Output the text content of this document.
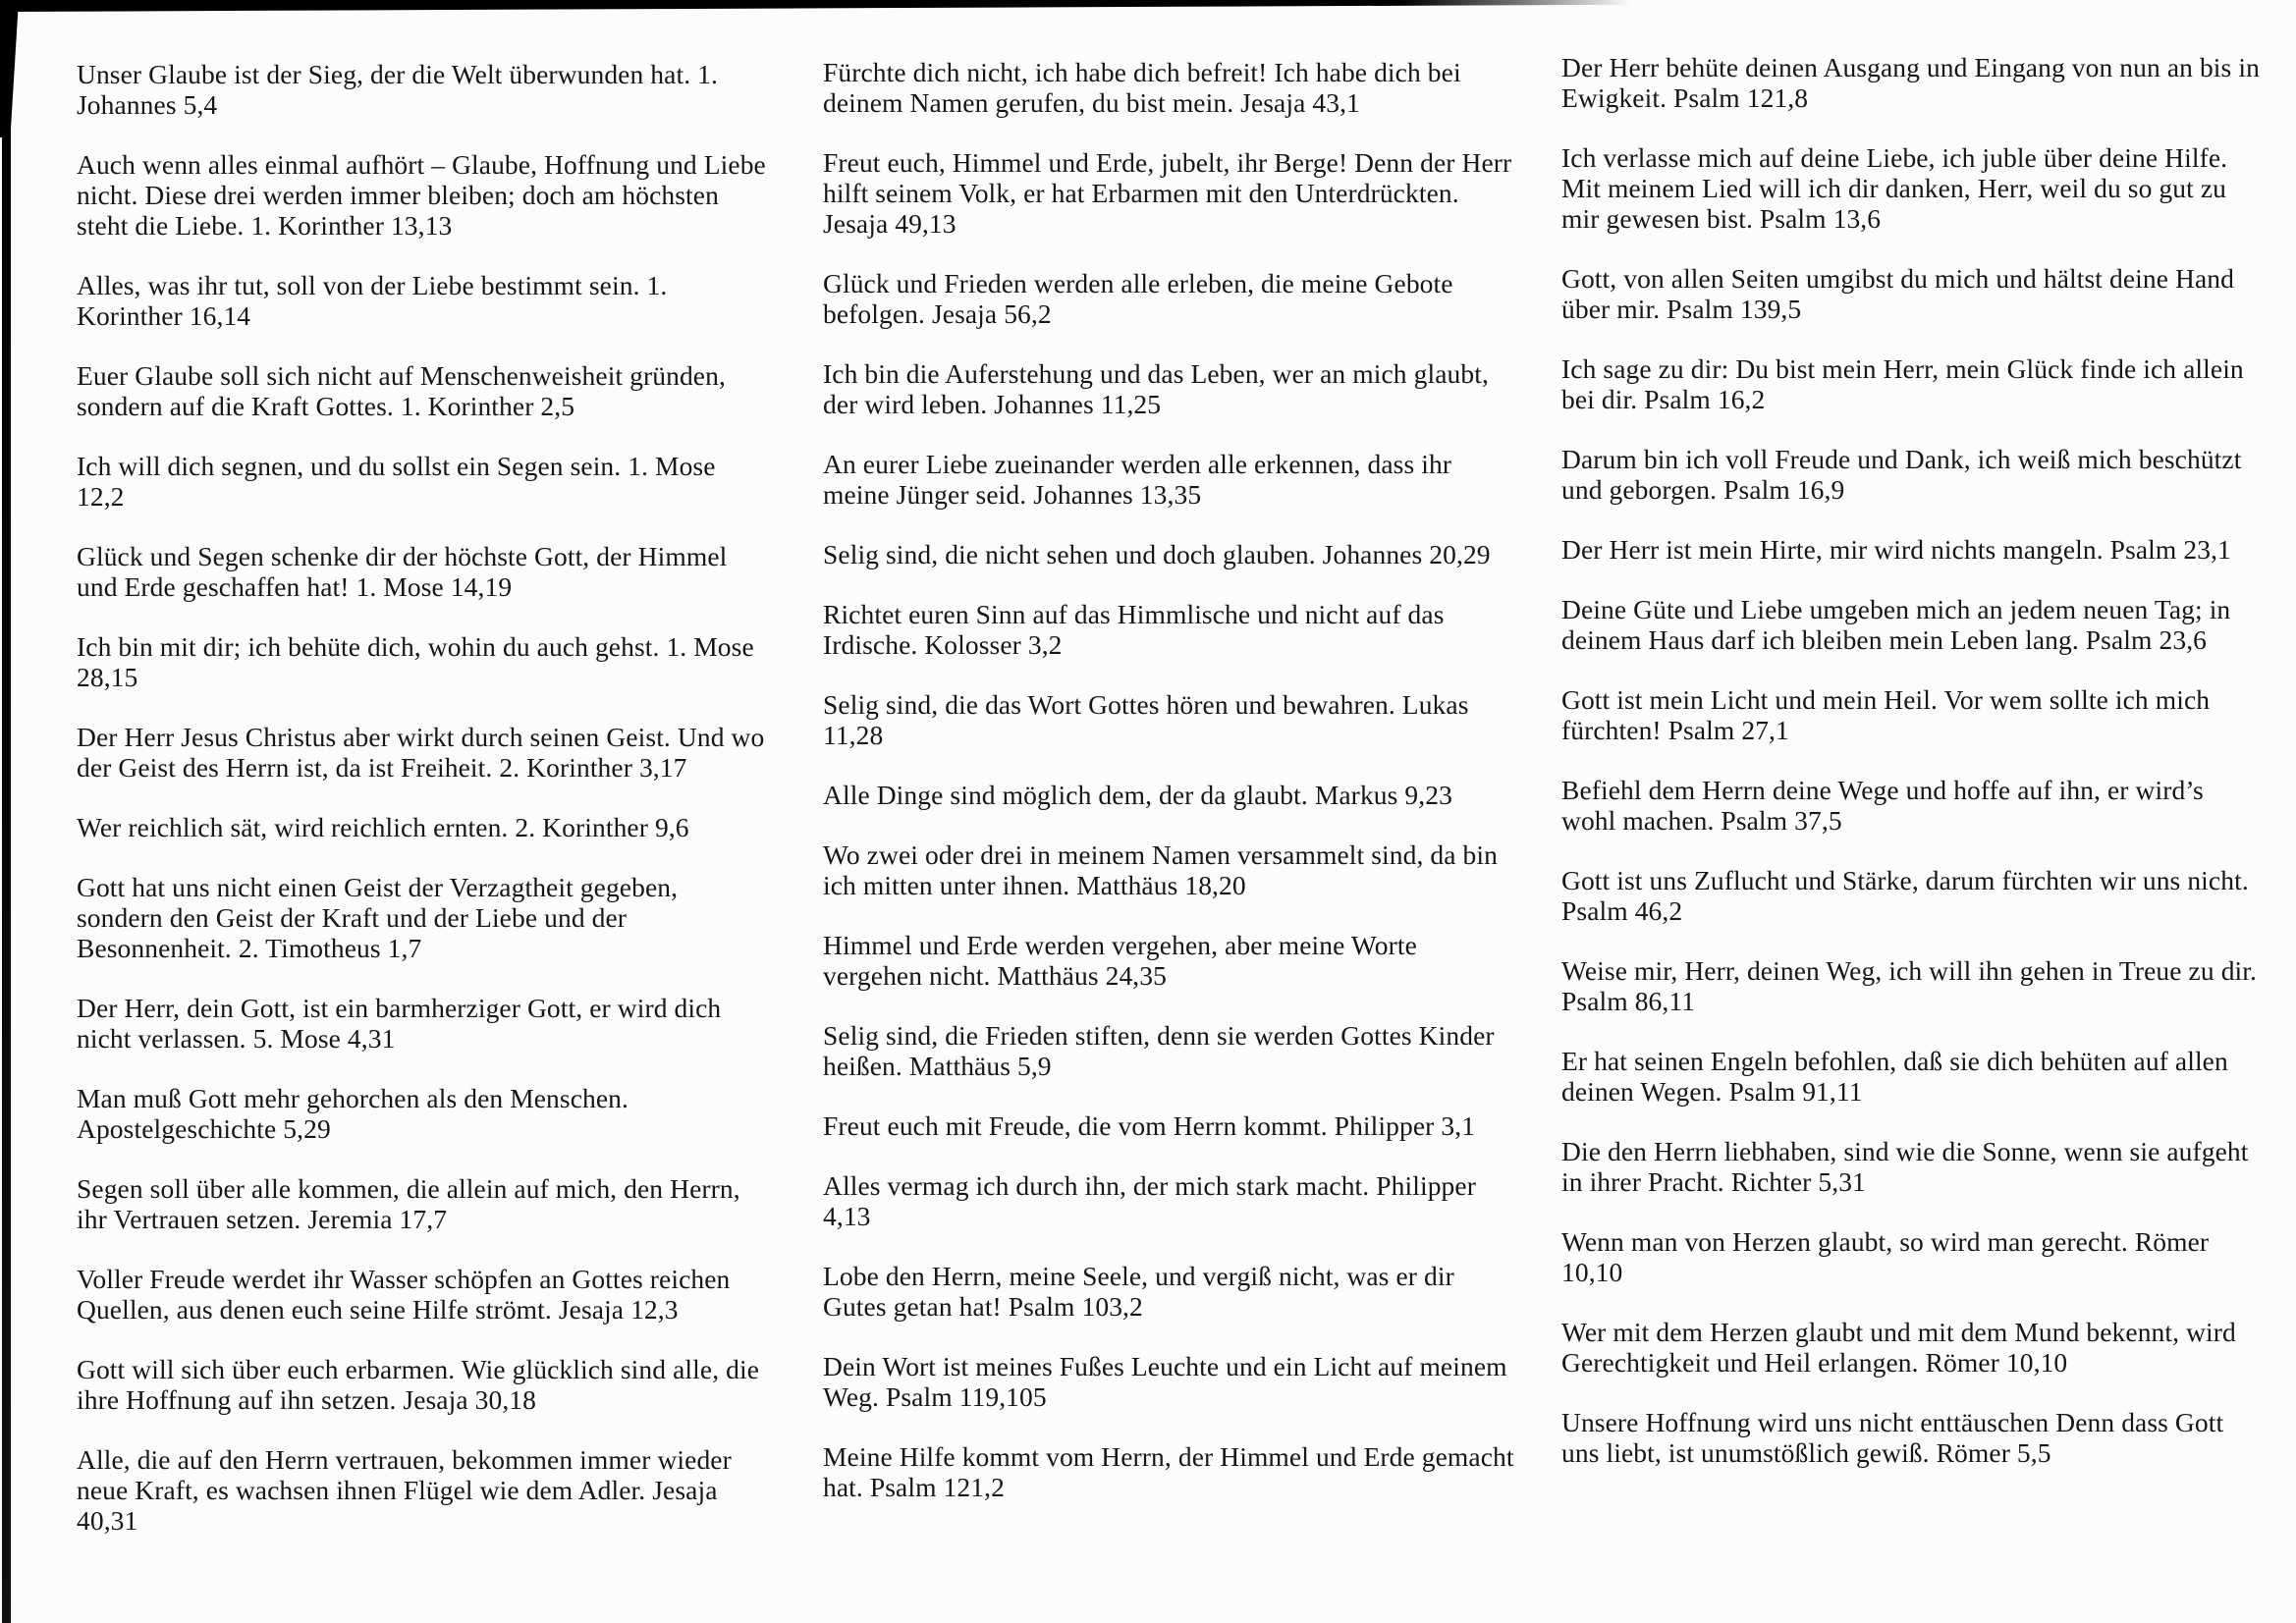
Unser Glaube ist der Sieg, der die Welt überwunden hat. 1. Johannes 5,4

Auch wenn alles einmal aufhört – Glaube, Hoffnung und Liebe nicht. Diese drei werden immer bleiben; doch am höchsten steht die Liebe. 1. Korinther 13,13

Alles, was ihr tut, soll von der Liebe bestimmt sein. 1. Korinther 16,14

Euer Glaube soll sich nicht auf Menschenweisheit gründen, sondern auf die Kraft Gottes. 1. Korinther 2,5

Ich will dich segnen, und du sollst ein Segen sein. 1. Mose 12,2

Glück und Segen schenke dir der höchste Gott, der Himmel und Erde geschaffen hat! 1. Mose 14,19

Ich bin mit dir; ich behüte dich, wohin du auch gehst. 1. Mose 28,15

Der Herr Jesus Christus aber wirkt durch seinen Geist. Und wo der Geist des Herrn ist, da ist Freiheit. 2. Korinther 3,17

Wer reichlich sät, wird reichlich ernten. 2. Korinther 9,6

Gott hat uns nicht einen Geist der Verzagtheit gegeben, sondern den Geist der Kraft und der Liebe und der Besonnenheit. 2. Timotheus 1,7

Der Herr, dein Gott, ist ein barmherziger Gott, er wird dich nicht verlassen. 5. Mose 4,31

Man muß Gott mehr gehorchen als den Menschen. Apostelgeschichte 5,29

Segen soll über alle kommen, die allein auf mich, den Herrn, ihr Vertrauen setzen. Jeremia 17,7

Voller Freude werdet ihr Wasser schöpfen an Gottes reichen Quellen, aus denen euch seine Hilfe strömt. Jesaja 12,3

Gott will sich über euch erbarmen. Wie glücklich sind alle, die ihre Hoffnung auf ihn setzen. Jesaja 30,18

Alle, die auf den Herrn vertrauen, bekommen immer wieder neue Kraft, es wachsen ihnen Flügel wie dem Adler. Jesaja 40,31

Fürchte dich nicht, ich habe dich befreit! Ich habe dich bei deinem Namen gerufen, du bist mein. Jesaja 43,1

Freut euch, Himmel und Erde, jubelt, ihr Berge! Denn der Herr hilft seinem Volk, er hat Erbarmen mit den Unterdrückten. Jesaja 49,13

Glück und Frieden werden alle erleben, die meine Gebote befolgen. Jesaja 56,2

Ich bin die Auferstehung und das Leben, wer an mich glaubt, der wird leben. Johannes 11,25

An eurer Liebe zueinander werden alle erkennen, dass ihr meine Jünger seid. Johannes 13,35

Selig sind, die nicht sehen und doch glauben. Johannes 20,29

Richtet euren Sinn auf das Himmlische und nicht auf das Irdische. Kolosser 3,2

Selig sind, die das Wort Gottes hören und bewahren. Lukas 11,28

Alle Dinge sind möglich dem, der da glaubt. Markus 9,23

Wo zwei oder drei in meinem Namen versammelt sind, da bin ich mitten unter ihnen. Matthäus 18,20

Himmel und Erde werden vergehen, aber meine Worte vergehen nicht. Matthäus 24,35

Selig sind, die Frieden stiften, denn sie werden Gottes Kinder heißen. Matthäus 5,9

Freut euch mit Freude, die vom Herrn kommt. Philipper 3,1

Alles vermag ich durch ihn, der mich stark macht. Philipper 4,13

Lobe den Herrn, meine Seele, und vergiß nicht, was er dir Gutes getan hat! Psalm 103,2

Dein Wort ist meines Fußes Leuchte und ein Licht auf meinem Weg. Psalm 119,105

Meine Hilfe kommt vom Herrn, der Himmel und Erde gemacht hat. Psalm 121,2

Der Herr behüte deinen Ausgang und Eingang von nun an bis in Ewigkeit. Psalm 121,8

Ich verlasse mich auf deine Liebe, ich juble über deine Hilfe. Mit meinem Lied will ich dir danken, Herr, weil du so gut zu mir gewesen bist. Psalm 13,6

Gott, von allen Seiten umgibst du mich und hältst deine Hand über mir. Psalm 139,5

Ich sage zu dir: Du bist mein Herr, mein Glück finde ich allein bei dir. Psalm 16,2

Darum bin ich voll Freude und Dank, ich weiß mich beschützt und geborgen. Psalm 16,9

Der Herr ist mein Hirte, mir wird nichts mangeln. Psalm 23,1

Deine Güte und Liebe umgeben mich an jedem neuen Tag; in deinem Haus darf ich bleiben mein Leben lang. Psalm 23,6

Gott ist mein Licht und mein Heil. Vor wem sollte ich mich fürchten! Psalm 27,1

Befiehl dem Herrn deine Wege und hoffe auf ihn, er wird’s wohl machen. Psalm 37,5

Gott ist uns Zuflucht und Stärke, darum fürchten wir uns nicht. Psalm 46,2

Weise mir, Herr, deinen Weg, ich will ihn gehen in Treue zu dir. Psalm 86,11

Er hat seinen Engeln befohlen, daß sie dich behüten auf allen deinen Wegen. Psalm 91,11

Die den Herrn liebhaben, sind wie die Sonne, wenn sie aufgeht in ihrer Pracht. Richter 5,31

Wenn man von Herzen glaubt, so wird man gerecht. Römer 10,10

Wer mit dem Herzen glaubt und mit dem Mund bekennt, wird Gerechtigkeit und Heil erlangen. Römer 10,10

Unsere Hoffnung wird uns nicht enttäuschen Denn dass Gott uns liebt, ist unumstößlich gewiß. Römer 5,5
